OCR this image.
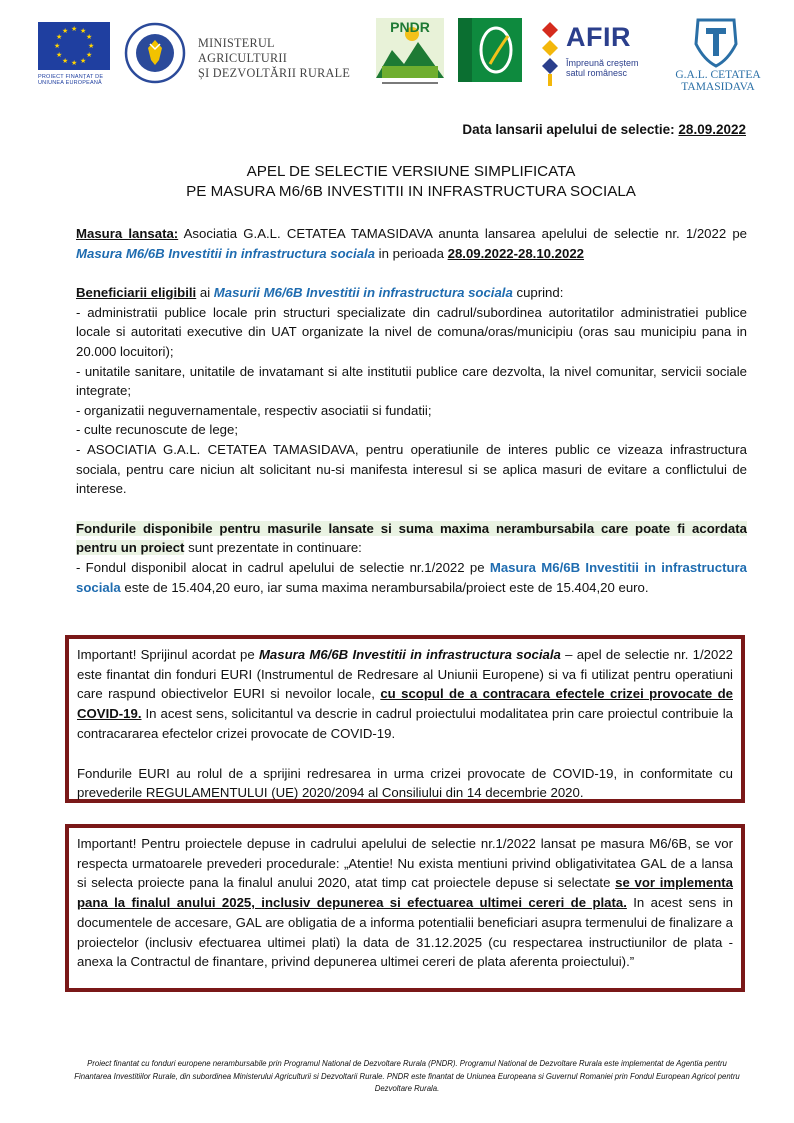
★ ★
★
★
★
★
★
★
★
★
★
★
PROIECT FINANȚAT DE UNIUNEA EUROPEANĂ
MINISTERUL AGRICULTURII
ȘI DEZVOLTĂRII RURALE
PNDR	AFIR
Împreună creștem
satul românesc	G.A.L. CETATEA TAMASIDAVA
Data lansarii apelului de selectie: 28.09.2022
APEL DE SELECTIE VERSIUNE SIMPLIFICATA
PE MASURA M6/6B INVESTITII IN INFRASTRUCTURA SOCIALA

Masura lansata: Asociatia G.A.L. CETATEA TAMASIDAVA anunta lansarea apelului de selectie nr. 1/2022 pe Masura M6/6B Investitii in infrastructura sociala in perioada 28.09.2022-28.10.2022

Beneficiarii eligibili ai Masurii M6/6B Investitii in infrastructura sociala cuprind:

- administratii publice locale prin structuri specializate din cadrul/subordinea autoritatilor administratiei publice locale si autoritati executive din UAT organizate la nivel de comuna/oras/municipiu (oras sau municipiu pana in 20.000 locuitori);

- unitatile sanitare, unitatile de invatamant si alte institutii publice care dezvolta, la nivel comunitar, servicii sociale integrate;

- organizatii neguvernamentale, respectiv asociatii si fundatii;

- culte recunoscute de lege;

- ASOCIATIA G.A.L. CETATEA TAMASIDAVA, pentru operatiunile de interes public ce vizeaza infrastructura sociala, pentru care niciun alt solicitant nu-si manifesta interesul si se aplica masuri de evitare a conflictului de interese.

Fondurile disponibile pentru masurile lansate si suma maxima nerambursabila care poate fi acordata pentru un proiect sunt prezentate in continuare:

- Fondul disponibil alocat in cadrul apelului de selectie nr.1/2022 pe Masura M6/6B Investitii in infrastructura sociala este de 15.404,20 euro, iar suma maxima nerambursabila/proiect este de 15.404,20 euro.

Important! Sprijinul acordat pe Masura M6/6B Investitii in infrastructura sociala – apel de selectie nr. 1/2022 este finantat din fonduri EURI (Instrumentul de Redresare al Uniunii Europene) si va fi utilizat pentru operatiuni care raspund obiectivelor EURI si nevoilor locale, cu scopul de a contracara efectele crizei provocate de COVID-19. In acest sens, solicitantul va descrie in cadrul proiectului modalitatea prin care proiectul contribuie la contracararea efectelor crizei provocate de COVID-19.

Fondurile EURI au rolul de a sprijini redresarea in urma crizei provocate de COVID-19, in conformitate cu prevederile REGULAMENTULUI (UE) 2020/2094 al Consiliului din 14 decembrie 2020.

Important! Pentru proiectele depuse in cadrului apelului de selectie nr.1/2022 lansat pe masura M6/6B, se vor respecta urmatoarele prevederi procedurale: „Atentie! Nu exista mentiuni privind obligativitatea GAL de a lansa si selecta proiecte pana la finalul anului 2020, atat timp cat proiectele depuse si selectate se vor implementa pana la finalul anului 2025, inclusiv depunerea si efectuarea ultimei cereri de plata. In acest sens in documentele de accesare, GAL are obligatia de a informa potentialii beneficiari asupra termenului de finalizare a proiectelor (inclusiv efectuarea ultimei plati) la data de 31.12.2025 (cu respectarea instructiunilor de plata - anexa la Contractul de finantare, privind depunerea ultimei cereri de plata aferenta proiectului).”

Proiect finantat cu fonduri europene nerambursabile prin Programul National de Dezvoltare Rurala (PNDR). Programul National de Dezvoltare Rurala este implementat de Agentia pentru Finantarea Investitiilor Rurale, din subordinea Ministerului Agriculturii si Dezvoltarii Rurale. PNDR este finantat de Uniunea Europeana si Guvernul Romaniei prin Fondul European Agricol pentru Dezvoltare Rurala.
